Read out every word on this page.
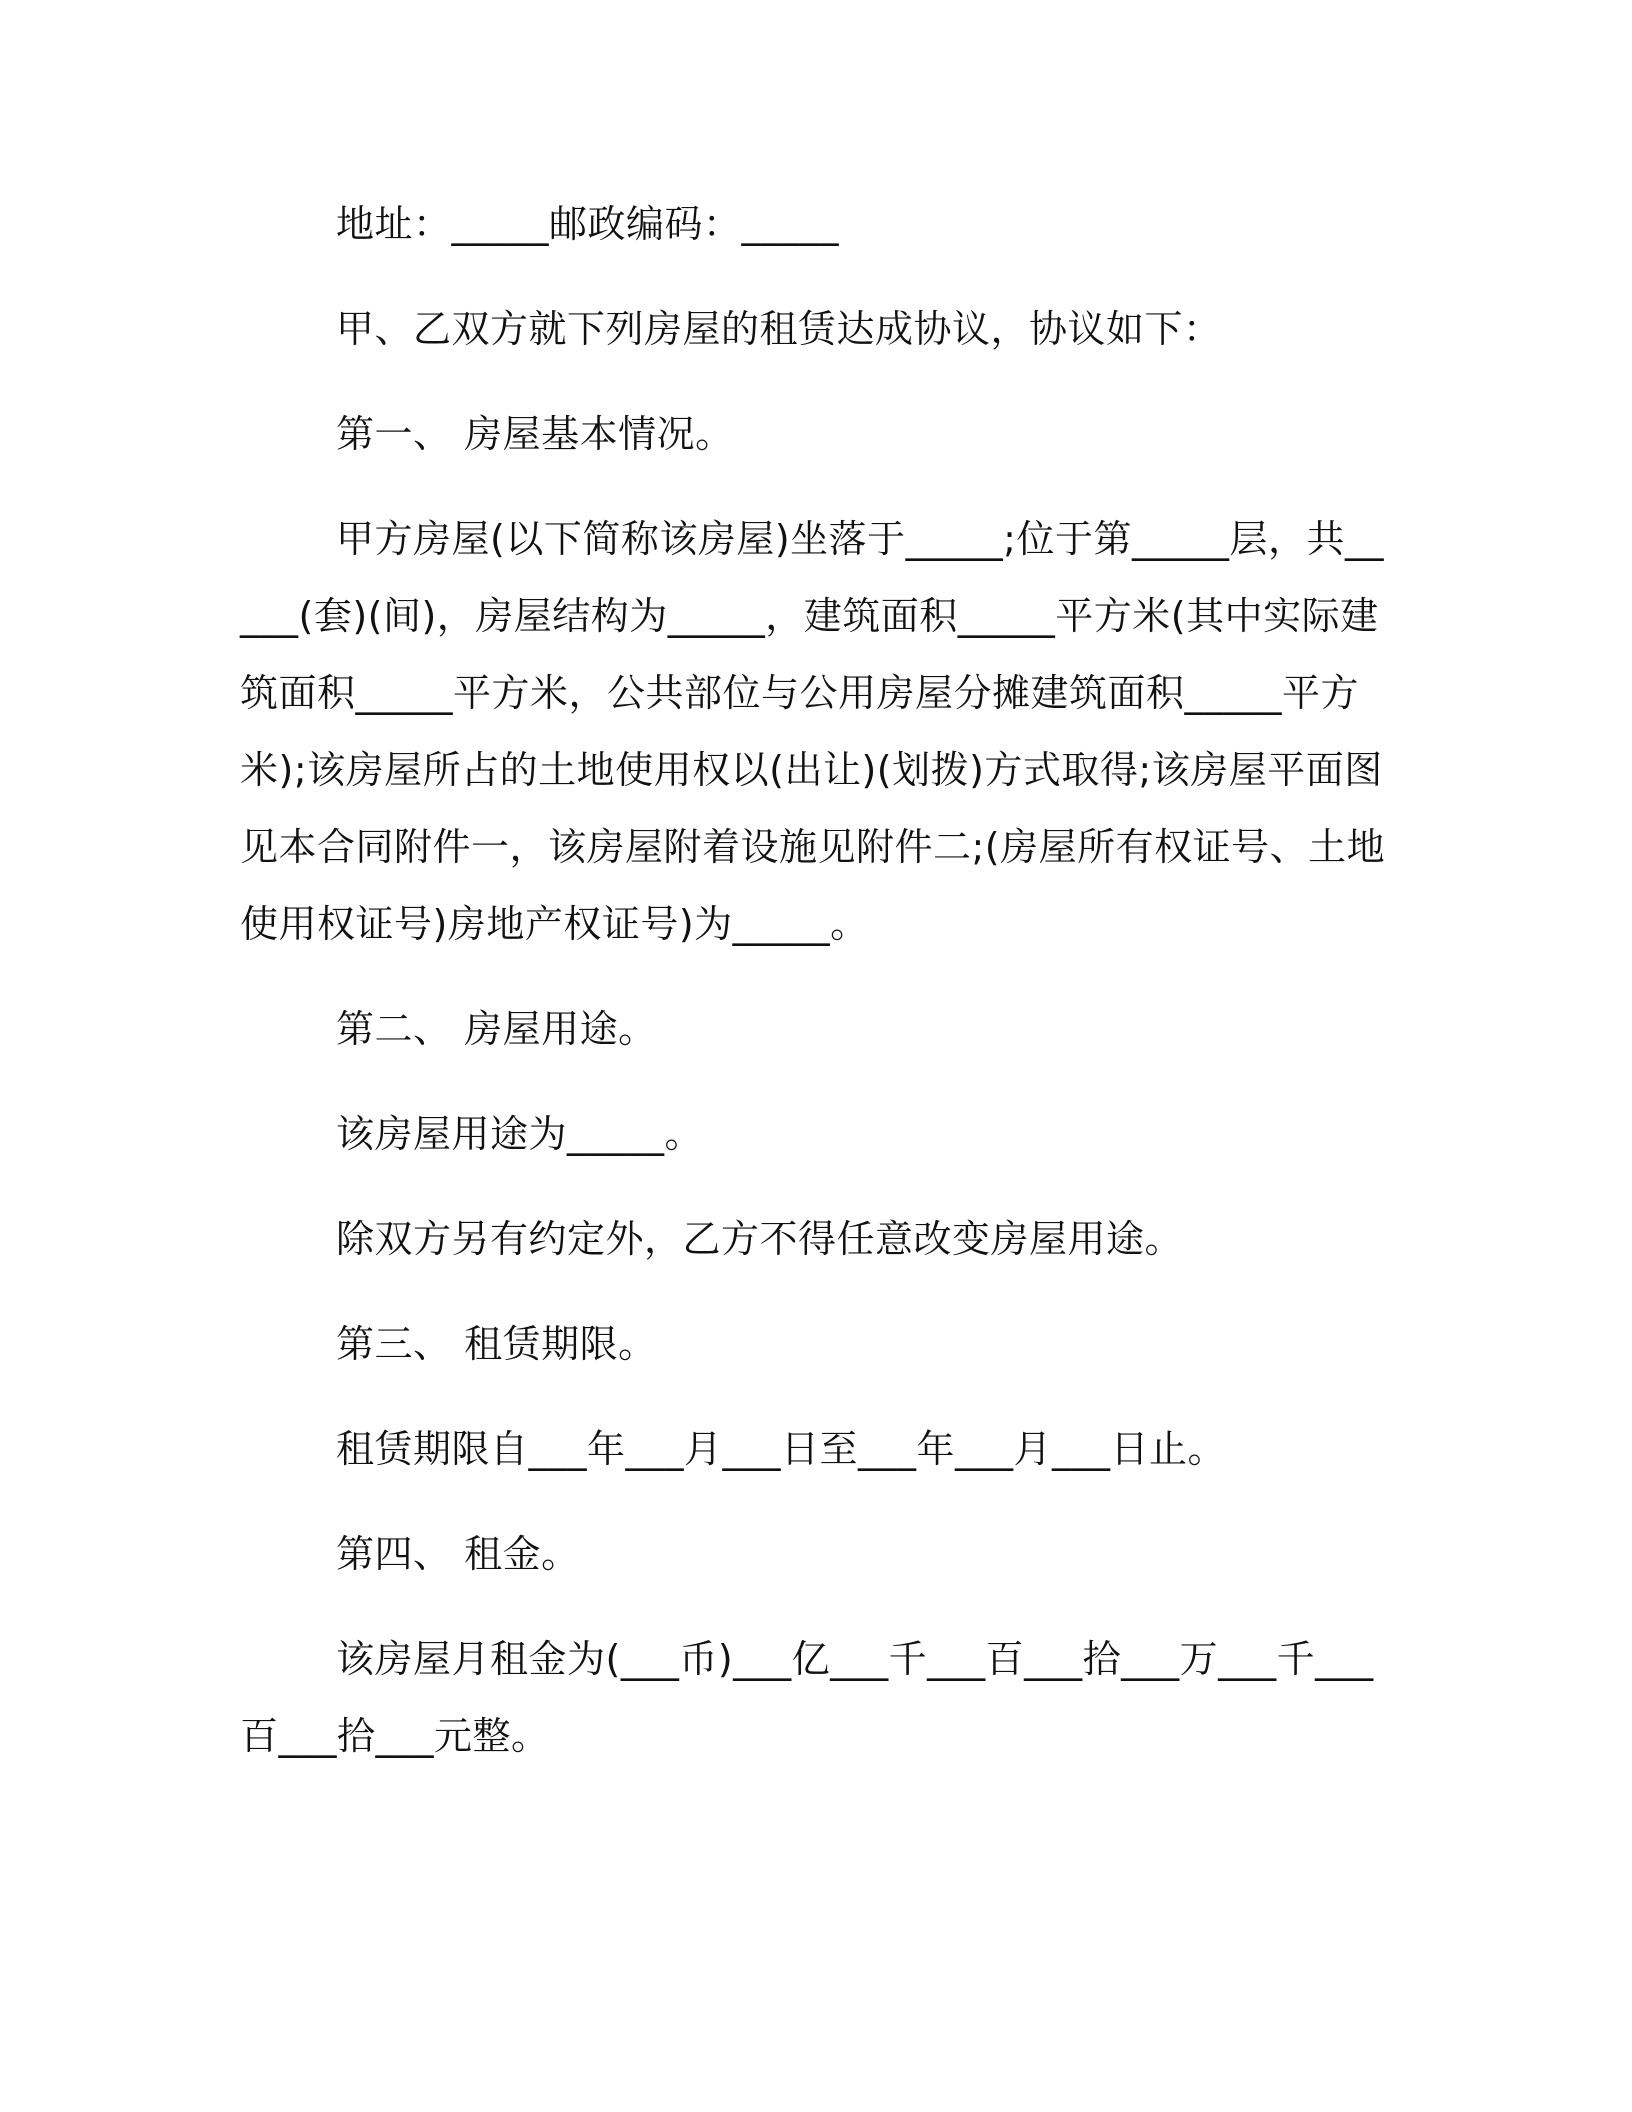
地址：_____邮政编码：_____

甲、乙双方就下列房屋的租赁达成协议，协议如下：

第一、 房屋基本情况。

甲方房屋(以下简称该房屋)坐落于_____;位于第_____层，共_____(套)(间)，房屋结构为_____，建筑面积_____平方米(其中实际建筑面积_____平方米，公共部位与公用房屋分摊建筑面积_____平方米);该房屋所占的土地使用权以(出让)(划拨)方式取得;该房屋平面图见本合同附件一，该房屋附着设施见附件二;(房屋所有权证号、土地使用权证号)房地产权证号)为_____。

第二、 房屋用途。

该房屋用途为_____。

除双方另有约定外，乙方不得任意改变房屋用途。

第三、 租赁期限。

租赁期限自___年___月___日至___年___月___日止。

第四、 租金。

该房屋月租金为(___币)___亿___千___百___拾___万___千___百___拾___元整。
